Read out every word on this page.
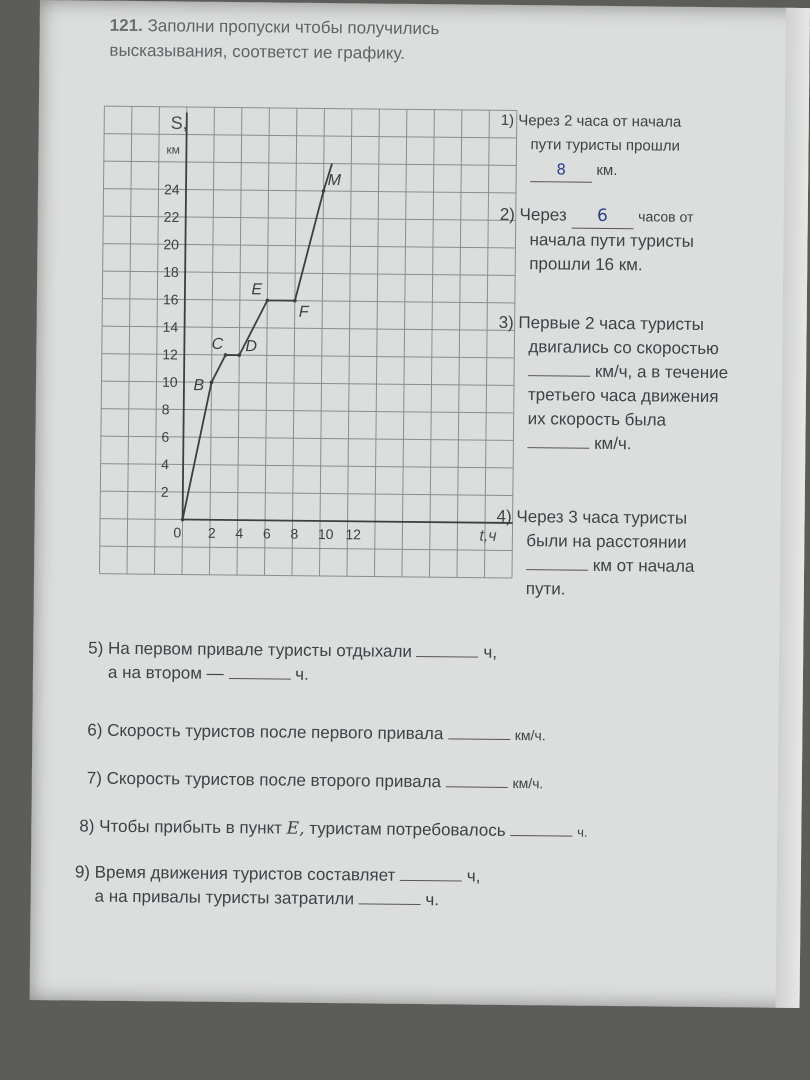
121. Заполни пропуски чтобы получились
высказывания, соответст ие графику.
0 2 4 6 8 10 12
2
4
6
8
10
12
14
16
18
20
22
24
B
C D
E
F
M
S,
км
t,ч
1) Через 2 часа от начала
пути туристы прошли
8 км.
2) Через 6 часов от
начала пути туристы
прошли 16 км.
3) Первые 2 часа туристы
двигались со скоростью
км/ч, а в течение
третьего часа движения
их скорость была
км/ч.
4) Через 3 часа туристы
были на расстоянии
км от начала
пути.
5) На первом привале туристы отдыхали	ч,
а на втором —	ч.
6) Скорость туристов после первого привала	км/ч.
7) Скорость туристов после второго привала	км/ч.
8) Чтобы прибыть в пункт E, туристам потребовалось	ч.
9) Время движения туристов составляет	ч,
а на привалы туристы затратили	ч.
